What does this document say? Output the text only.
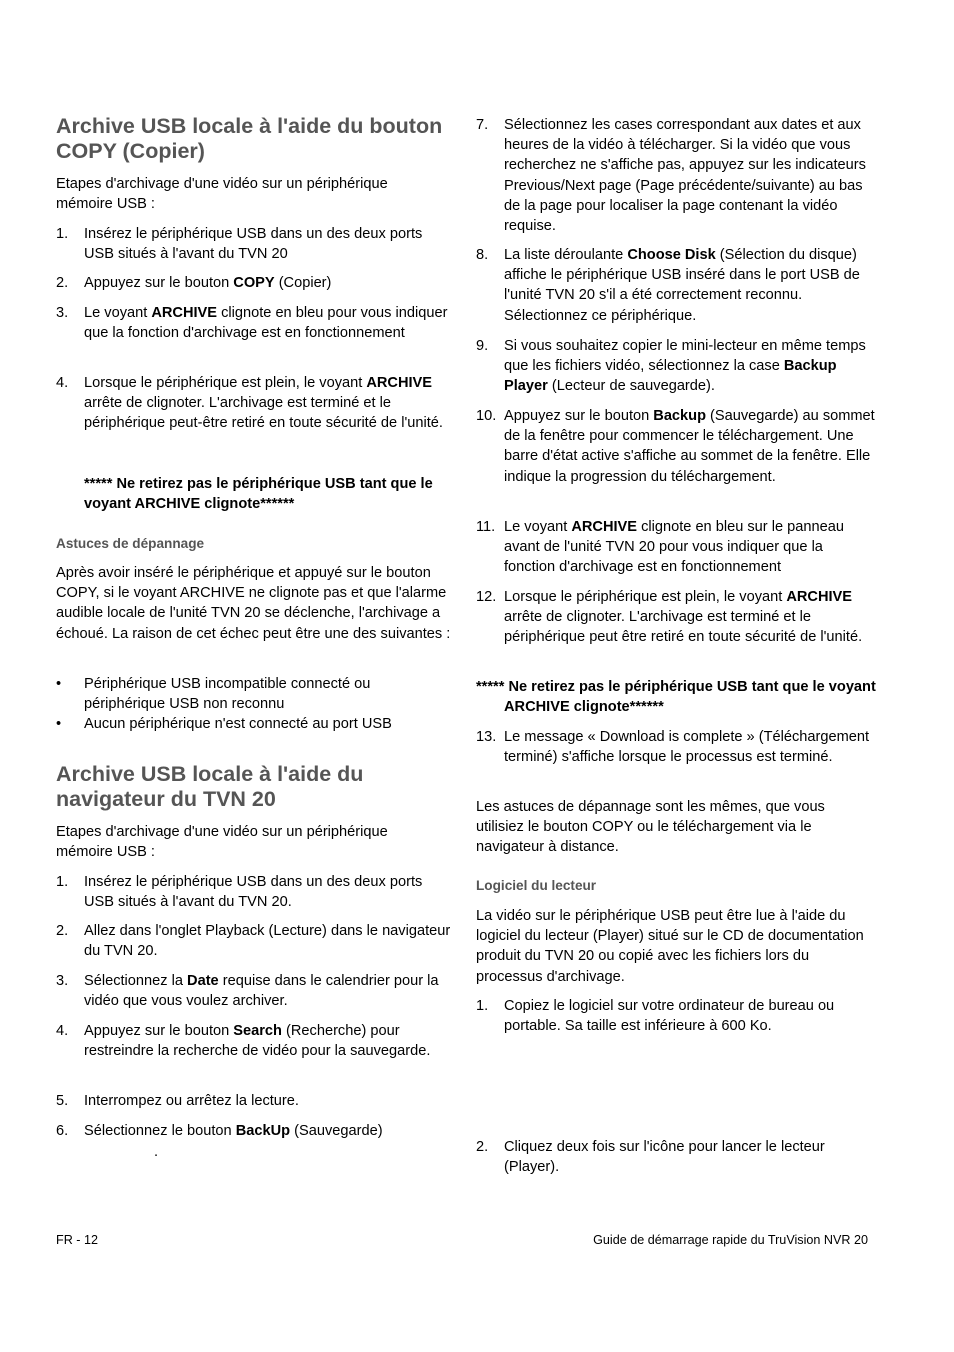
Archive USB locale à l'aide du bouton COPY (Copier)

Etapes d'archivage d'une vidéo sur un périphérique mémoire USB :

1. Insérez le périphérique USB dans un des deux ports USB situés à l'avant du TVN 20
2. Appuyez sur le bouton COPY (Copier)
3. Le voyant ARCHIVE clignote en bleu pour vous indiquer que la fonction d'archivage est en fonctionnement
4. Lorsque le périphérique est plein, le voyant ARCHIVE arrête de clignoter. L'archivage est terminé et le périphérique peut-être retiré en toute sécurité de l'unité.

***** Ne retirez pas le périphérique USB tant que le voyant ARCHIVE clignote******

Astuces de dépannage

Après avoir inséré le périphérique et appuyé sur le bouton COPY, si le voyant ARCHIVE ne clignote pas et que l'alarme audible locale de l'unité TVN 20 se déclenche, l'archivage a échoué. La raison de cet échec peut être une des suivantes :

• Périphérique USB incompatible connecté ou périphérique USB non reconnu
• Aucun périphérique n'est connecté au port USB
Archive USB locale à l'aide du navigateur du TVN 20

Etapes d'archivage d'une vidéo sur un périphérique mémoire USB :

1. Insérez le périphérique USB dans un des deux ports USB situés à l'avant du TVN 20.
2. Allez dans l'onglet Playback (Lecture) dans le navigateur du TVN 20.
3. Sélectionnez la Date requise dans le calendrier pour la vidéo que vous voulez archiver.
4. Appuyez sur le bouton Search (Recherche) pour restreindre la recherche de vidéo pour la sauvegarde.
5. Interrompez ou arrêtez la lecture.
6. Sélectionnez le bouton BackUp (Sauvegarde)
.
7. Sélectionnez les cases correspondant aux dates et aux heures de la vidéo à télécharger. Si la vidéo que vous recherchez ne s'affiche pas, appuyez sur les indicateurs Previous/Next page (Page précédente/suivante) au bas de la page pour localiser la page contenant la vidéo requise.
8. La liste déroulante Choose Disk (Sélection du disque) affiche le périphérique USB inséré dans le port USB de l'unité TVN 20 s'il a été correctement reconnu. Sélectionnez ce périphérique.
9. Si vous souhaitez copier le mini-lecteur en même temps que les fichiers vidéo, sélectionnez la case Backup Player (Lecteur de sauvegarde).
10. Appuyez sur le bouton Backup (Sauvegarde) au sommet de la fenêtre pour commencer le téléchargement. Une barre d'état active s'affiche au sommet de la fenêtre. Elle indique la progression du téléchargement.
11. Le voyant ARCHIVE clignote en bleu sur le panneau avant de l'unité TVN 20 pour vous indiquer que la fonction d'archivage est en fonctionnement
12. Lorsque le périphérique est plein, le voyant ARCHIVE arrête de clignoter. L'archivage est terminé et le périphérique peut être retiré en toute sécurité de l'unité.

***** Ne retirez pas le périphérique USB tant que le voyant ARCHIVE clignote******

13. Le message « Download is complete » (Téléchargement terminé) s'affiche lorsque le processus est terminé.

Les astuces de dépannage sont les mêmes, que vous utilisiez le bouton COPY ou le téléchargement via le navigateur à distance.

Logiciel du lecteur

La vidéo sur le périphérique USB peut être lue à l'aide du logiciel du lecteur (Player) situé sur le CD de documentation produit du TVN 20 ou copié avec les fichiers lors du processus d'archivage.

1. Copiez le logiciel sur votre ordinateur de bureau ou portable. Sa taille est inférieure à 600 Ko.
2. Cliquez deux fois sur l'icône pour lancer le lecteur (Player).
FR - 12	Guide de démarrage rapide du TruVision NVR 20
